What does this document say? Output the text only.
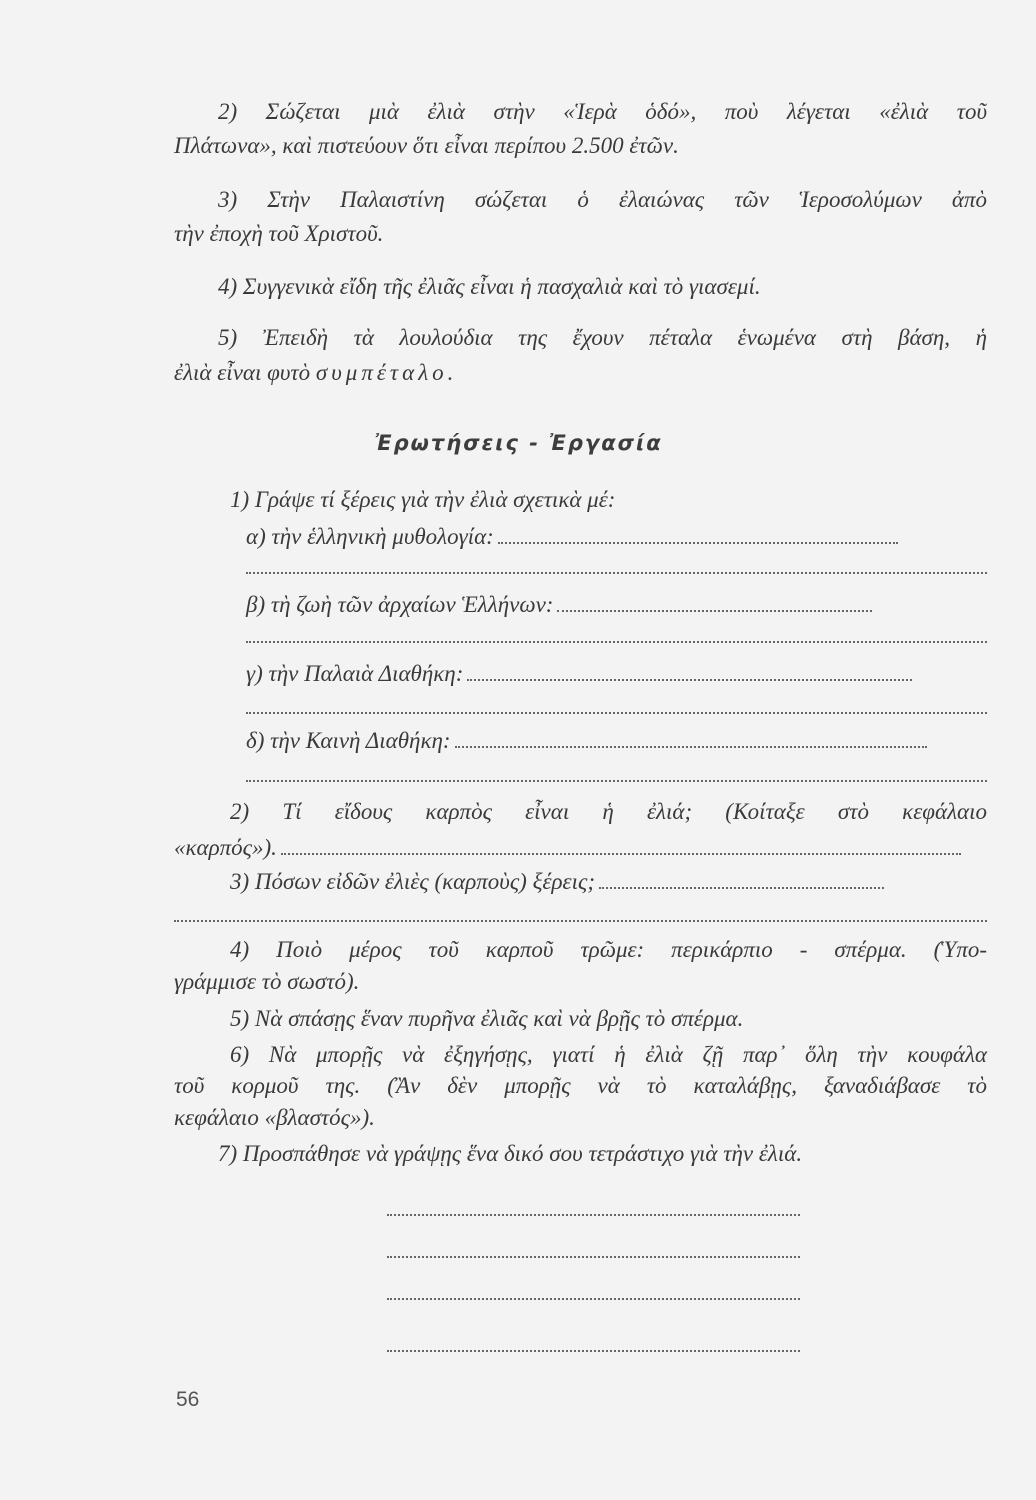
2) Σώζεται μιὰ ἐλιὰ στὴν «Ἱερὰ ὁδό», ποὺ λέγεται «ἐλιὰ τοῦ
Πλάτωνα», καὶ πιστεύουν ὅτι εἶναι περίπου 2.500 ἐτῶν.
3) Στὴν Παλαιστίνη σώζεται ὁ ἐλαιώνας τῶν Ἱεροσολύμων ἀπὸ
τὴν ἐποχὴ τοῦ Χριστοῦ.
4) Συγγενικὰ εἴδη τῆς ἐλιᾶς εἶναι ἡ πασχαλιὰ καὶ τὸ γιασεμί.
5) Ἐπειδὴ τὰ λουλούδια της ἔχουν πέταλα ἑνωμένα στὴ βάση, ἡ
ἐλιὰ εἶναι φυτὸ συμπέταλο.
Ἐρωτήσεις - Ἐργασία
1) Γράψε τί ξέρεις γιὰ τὴν ἐλιὰ σχετικὰ μέ:
α) τὴν ἑλληνικὴ μυθολογία:
β) τὴ ζωὴ τῶν ἀρχαίων Ἑλλήνων:
γ) τὴν Παλαιὰ Διαθήκη:
δ) τὴν Καινὴ Διαθήκη:
2) Τί εἴδους καρπὸς εἶναι ἡ ἐλιά; (Κοίταξε στὸ κεφάλαιο
«καρπός»).
3) Πόσων εἰδῶν ἐλιὲς (καρποὺς) ξέρεις;
4) Ποιὸ μέρος τοῦ καρποῦ τρῶμε: περικάρπιο - σπέρμα. (Ὑπο-
γράμμισε τὸ σωστό).
5) Νὰ σπάσῃς ἕναν πυρῆνα ἐλιᾶς καὶ νὰ βρῇς τὸ σπέρμα.
6) Νὰ μπορῇς νὰ ἐξηγήσῃς, γιατί ἡ ἐλιὰ ζῇ παρ᾽ ὅλη τὴν κουφάλα
τοῦ κορμοῦ της. (Ἂν δὲν μπορῇς νὰ τὸ καταλάβῃς, ξαναδιάβασε τὸ
κεφάλαιο «βλαστός»).
7) Προσπάθησε νὰ γράψῃς ἕνα δικό σου τετράστιχο γιὰ τὴν ἐλιά.
56
